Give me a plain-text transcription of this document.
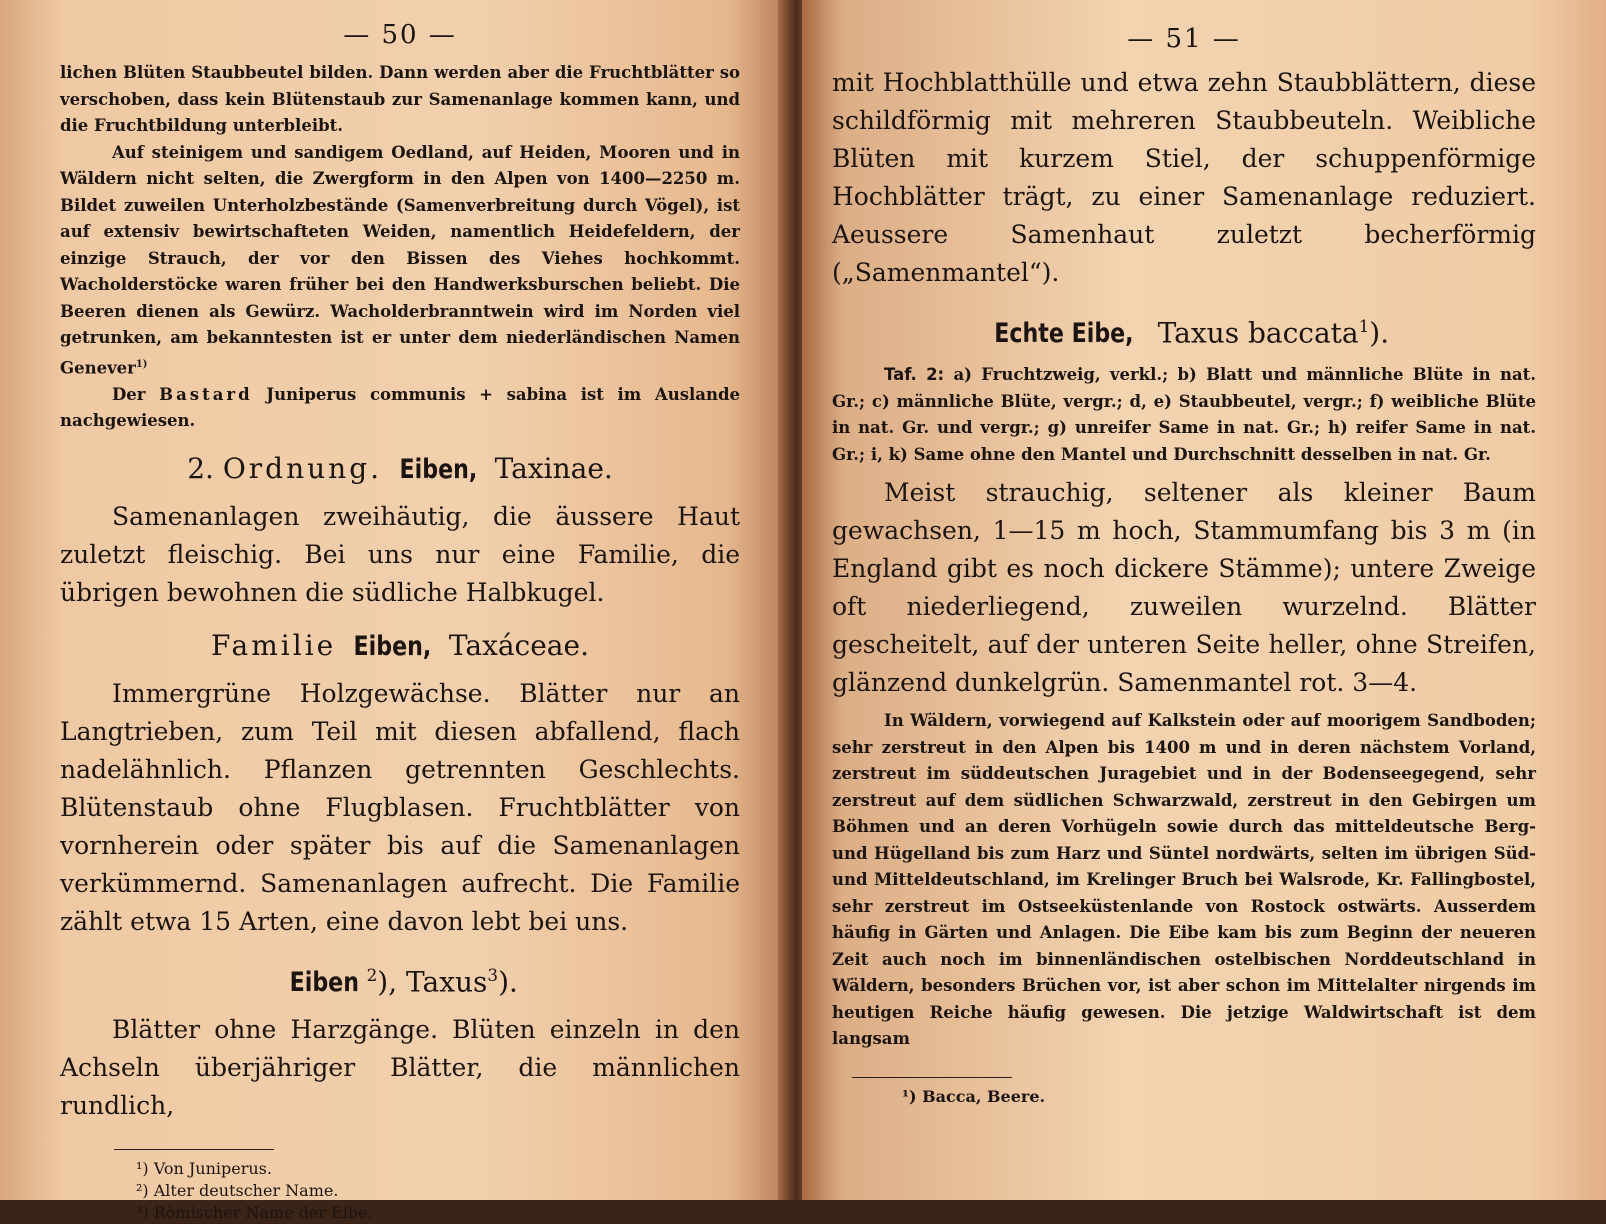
— 50 —

lichen Blüten Staubbeutel bilden. Dann werden aber die Fruchtblätter so verschoben, dass kein Blütenstaub zur Samenanlage kommen kann, und die Fruchtbildung unterbleibt.

Auf steinigem und sandigem Oedland, auf Heiden, Mooren und in Wäldern nicht selten, die Zwergform in den Alpen von 1400—2250 m. Bildet zuweilen Unterholzbestände (Samenverbreitung durch Vögel), ist auf extensiv bewirtschafteten Weiden, namentlich Heidefeldern, der einzige Strauch, der vor den Bissen des Viehes hochkommt. Wacholderstöcke waren früher bei den Handwerksburschen beliebt. Die Beeren dienen als Gewürz. Wacholderbranntwein wird im Norden viel getrunken, am bekanntesten ist er unter dem niederländischen Namen Genever$^{1)}$

Der Bastard Juniperus communis + sabina ist im Auslande nachgewiesen.

2. Ordnung. Eiben, Taxinae.

Samenanlagen zweihäutig, die äussere Haut zuletzt fleischig. Bei uns nur eine Familie, die übrigen bewohnen die südliche Halbkugel.

Familie Eiben, Taxáceae.

Immergrüne Holzgewächse. Blätter nur an Langtrieben, zum Teil mit diesen abfallend, flach nadelähnlich. Pflanzen getrennten Geschlechts. Blütenstaub ohne Flugblasen. Fruchtblätter von vornherein oder später bis auf die Samenanlagen verkümmernd. Samenanlagen aufrecht. Die Familie zählt etwa 15 Arten, eine davon lebt bei uns.

Eiben $^2$), Taxus$^3$).

Blätter ohne Harzgänge. Blüten einzeln in den Achseln überjähriger Blätter, die männlichen rundlich,

¹) Von Juniperus.
²) Alter deutscher Name.
³) Römischer Name der Eibe.
— 51 —

mit Hochblatthülle und etwa zehn Staubblättern, diese schildförmig mit mehreren Staubbeuteln. Weibliche Blüten mit kurzem Stiel, der schuppenförmige Hochblätter trägt, zu einer Samenanlage reduziert. Aeussere Samenhaut zuletzt becherförmig („Samenmantel“).

Echte Eibe, Taxus baccata$^1$).

Taf. 2: a) Fruchtzweig, verkl.; b) Blatt und männliche Blüte in nat. Gr.; c) männliche Blüte, vergr.; d, e) Staubbeutel, vergr.; f) weibliche Blüte in nat. Gr. und vergr.; g) unreifer Same in nat. Gr.; h) reifer Same in nat. Gr.; i, k) Same ohne den Mantel und Durchschnitt desselben in nat. Gr.

Meist strauchig, seltener als kleiner Baum gewachsen, 1—15 m hoch, Stammumfang bis 3 m (in England gibt es noch dickere Stämme); untere Zweige oft niederliegend, zuweilen wurzelnd. Blätter gescheitelt, auf der unteren Seite heller, ohne Streifen, glänzend dunkelgrün. Samenmantel rot. 3—4.

In Wäldern, vorwiegend auf Kalkstein oder auf moorigem Sandboden; sehr zerstreut in den Alpen bis 1400 m und in deren nächstem Vorland, zerstreut im süddeutschen Juragebiet und in der Bodenseegegend, sehr zerstreut auf dem südlichen Schwarzwald, zerstreut in den Gebirgen um Böhmen und an deren Vorhügeln sowie durch das mitteldeutsche Berg- und Hügelland bis zum Harz und Süntel nordwärts, selten im übrigen Süd- und Mitteldeutschland, im Krelinger Bruch bei Walsrode, Kr. Fallingbostel, sehr zerstreut im Ostseeküstenlande von Rostock ostwärts. Ausserdem häufig in Gärten und Anlagen. Die Eibe kam bis zum Beginn der neueren Zeit auch noch im binnenländischen ostelbischen Norddeutschland in Wäldern, besonders Brüchen vor, ist aber schon im Mittelalter nirgends im heutigen Reiche häufig gewesen. Die jetzige Waldwirtschaft ist dem langsam

¹) Bacca, Beere.
